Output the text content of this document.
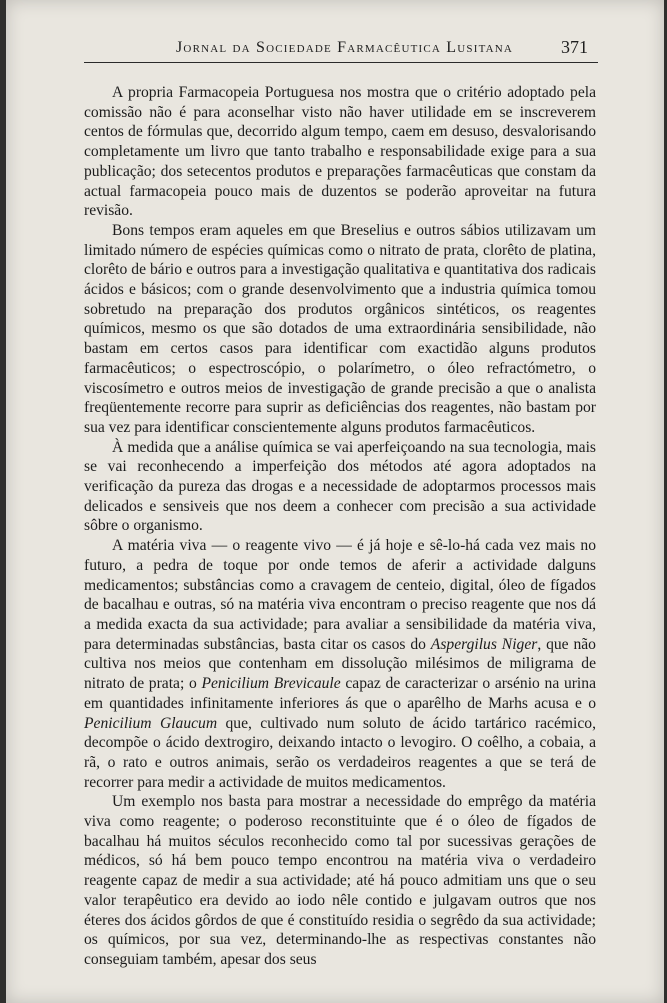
Jornal da Sociedade Farmacêutica Lusitana	371

A propria Farmacopeia Portuguesa nos mostra que o critério adoptado pela comissão não é para aconselhar visto não haver utilidade em se inscreverem centos de fórmulas que, decorrido algum tempo, caem em desuso, desvalorisando completamente um livro que tanto trabalho e responsabilidade exige para a sua publicação; dos setecentos produtos e preparações farmacêuticas que constam da actual farmacopeia pouco mais de duzentos se poderão aproveitar na futura revisão.

Bons tempos eram aqueles em que Breselius e outros sábios utilizavam um limitado número de espécies químicas como o nitrato de prata, clorêto de platina, clorêto de bário e outros para a investigação qualitativa e quantitativa dos radicais ácidos e básicos; com o grande desenvolvimento que a industria química tomou sobretudo na preparação dos produtos orgânicos sintéticos, os reagentes químicos, mesmo os que são dotados de uma extraordinária sensibilidade, não bastam em certos casos para identificar com exactidão alguns produtos farmacêuticos; o espectroscópio, o polarímetro, o óleo refractómetro, o viscosímetro e outros meios de investigação de grande precisão a que o analista freqüentemente recorre para suprir as deficiências dos reagentes, não bastam por sua vez para identificar conscientemente alguns produtos farmacêuticos.

À medida que a análise química se vai aperfeiçoando na sua tecnologia, mais se vai reconhecendo a imperfeição dos métodos até agora adoptados na verificação da pureza das drogas e a necessidade de adoptarmos processos mais delicados e sensiveis que nos deem a conhecer com precisão a sua actividade sôbre o organismo.

A matéria viva — o reagente vivo — é já hoje e sê-lo-há cada vez mais no futuro, a pedra de toque por onde temos de aferir a actividade dalguns medicamentos; substâncias como a cravagem de centeio, digital, óleo de fígados de bacalhau e outras, só na matéria viva encontram o preciso reagente que nos dá a medida exacta da sua actividade; para avaliar a sensibilidade da matéria viva, para determinadas substâncias, basta citar os casos do Aspergilus Niger, que não cultiva nos meios que contenham em dissolução milésimos de miligrama de nitrato de prata; o Penicilium Brevicaule capaz de caracterizar o arsénio na urina em quantidades infinitamente inferiores ás que o aparêlho de Marhs acusa e o Penicilium Glaucum que, cultivado num soluto de ácido tartárico racémico, decompõe o ácido dextrogiro, deixando intacto o levogiro. O coêlho, a cobaia, a rã, o rato e outros animais, serão os verdadeiros reagentes a que se terá de recorrer para medir a actividade de muitos medicamentos.

Um exemplo nos basta para mostrar a necessidade do emprêgo da matéria viva como reagente; o poderoso reconstituinte que é o óleo de fígados de bacalhau há muitos séculos reconhecido como tal por sucessivas gerações de médicos, só há bem pouco tempo encontrou na matéria viva o verdadeiro reagente capaz de medir a sua actividade; até há pouco admitiam uns que o seu valor terapêutico era devido ao iodo nêle contido e julgavam outros que nos éteres dos ácidos gôrdos de que é constituído residia o segrêdo da sua actividade; os químicos, por sua vez, determinando-lhe as respectivas constantes não conseguiam também, apesar dos seus
